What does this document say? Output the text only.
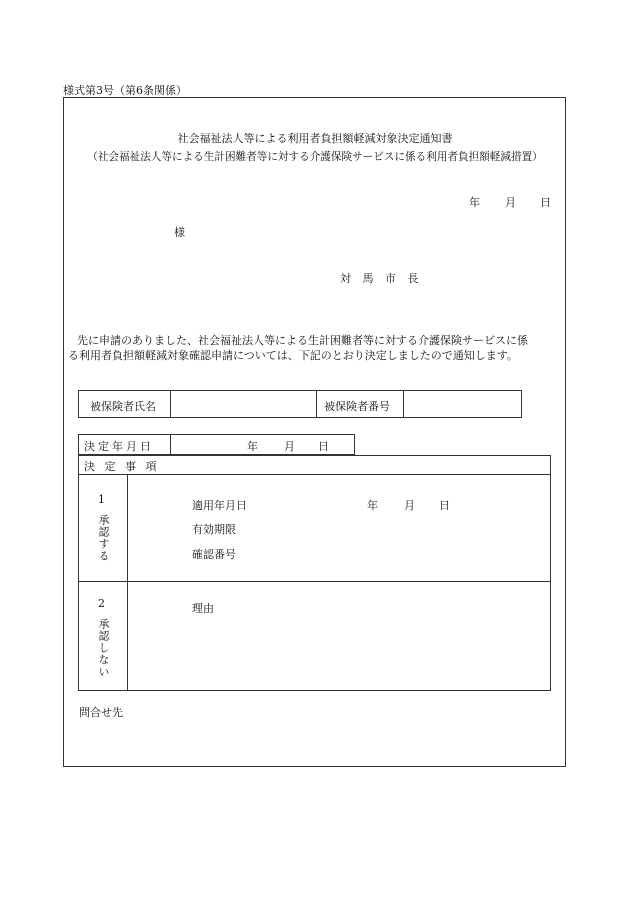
様式第3号（第6条関係）
社会福祉法人等による利用者負担額軽減対象決定通知書
（社会福祉法人等による生計困難者等に対する介護保険サービスに係る利用者負担額軽減措置）
年 月 日
様
対 馬 市 長
先に申請のありました、社会福祉法人等による生計困難者等に対する介護保険サービスに係
る利用者負担額軽減対象確認申請については、下記のとおり決定しましたので通知します。
被保険者氏名	被保険者番号
決定年月日	年 月 日
決 定 事 項
1
承認する
適用年月日	年 月 日
有効期限
確認番号
2
承認しない
理由
問合せ先
